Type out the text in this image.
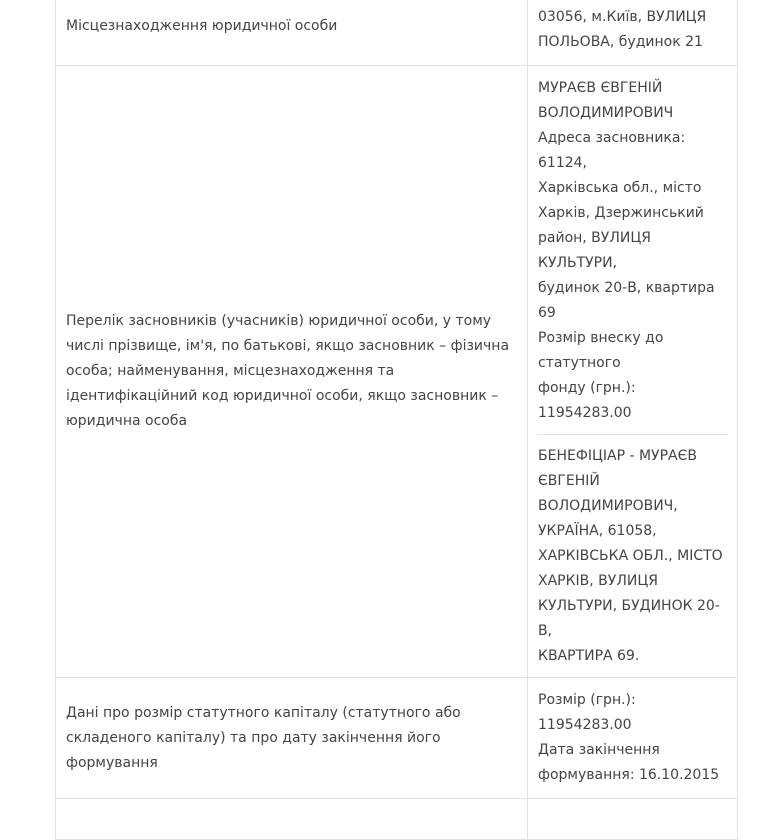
Місцезнаходження юридичної особи
03056, м.Київ, ВУЛИЦЯ
ПОЛЬОВА, будинок 21
Перелік засновників (учасників) юридичної особи, у тому числі прізвище, ім'я, по батькові, якщо засновник – фізична особа; найменування, місцезнаходження та ідентифікаційний код юридичної особи, якщо засновник – юридична особа
МУРАЄВ ЄВГЕНІЙ
ВОЛОДИМИРОВИЧ
Адреса засновника: 61124,
Харківська обл., місто
Харків, Дзержинський
район, ВУЛИЦЯ КУЛЬТУРИ,
будинок 20-В, квартира 69
Розмір внеску до статутного
фонду (грн.): 11954283.00
БЕНЕФІЦІАР - МУРАЄВ
ЄВГЕНІЙ
ВОЛОДИМИРОВИЧ,
УКРАЇНА, 61058,
ХАРКІВСЬКА ОБЛ., МІСТО
ХАРКІВ, ВУЛИЦЯ
КУЛЬТУРИ, БУДИНОК 20-В,
КВАРТИРА 69.
Дані про розмір статутного капіталу (статутного або складеного капіталу) та про дату закінчення його формування
Розмір (грн.): 11954283.00
Дата закінчення
формування: 16.10.2015
